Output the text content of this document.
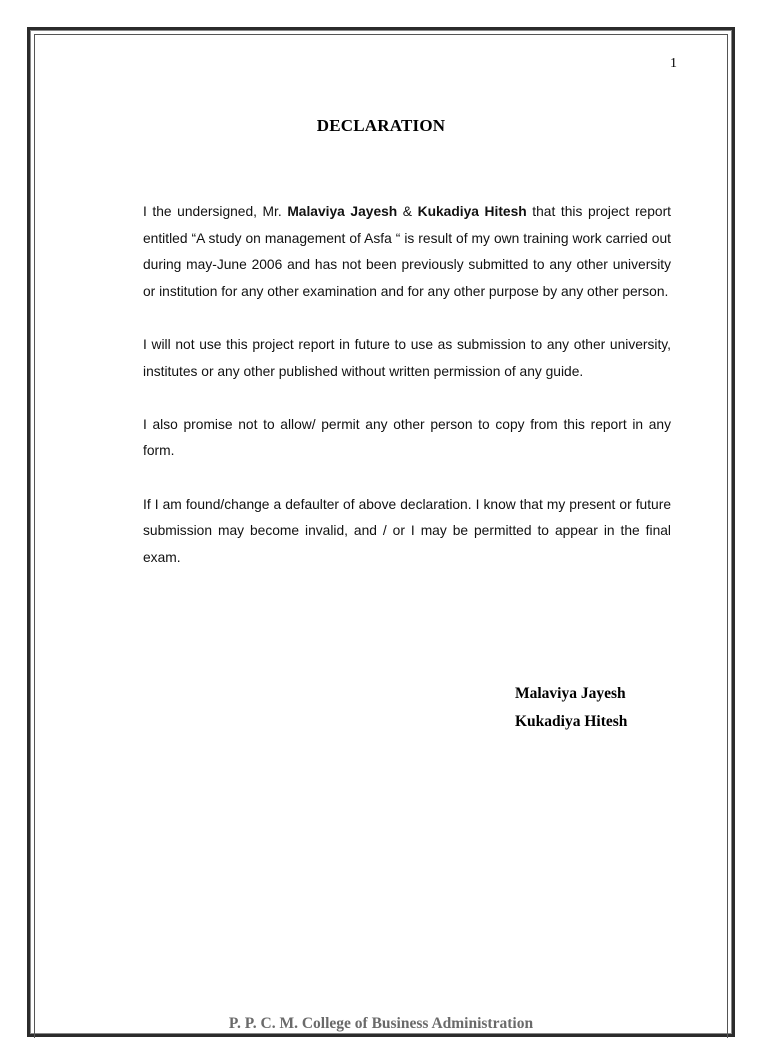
1
DECLARATION

I the undersigned, Mr. Malaviya Jayesh & Kukadiya Hitesh that this project report entitled “A study on management of Asfa “ is result of my own training work carried out during may-June 2006 and has not been previously submitted to any other university or institution for any other examination and for any other purpose by any other person.

I will not use this project report in future to use as submission to any other university, institutes or any other published without written permission of any guide.

I also promise not to allow/ permit any other person to copy from this report in any form.

If I am found/change a defaulter of above declaration. I know that my present or future submission may become invalid, and / or I may be permitted to appear in the final exam.

Malaviya Jayesh
Kukadiya Hitesh
P. P. C. M. College of Business Administration
